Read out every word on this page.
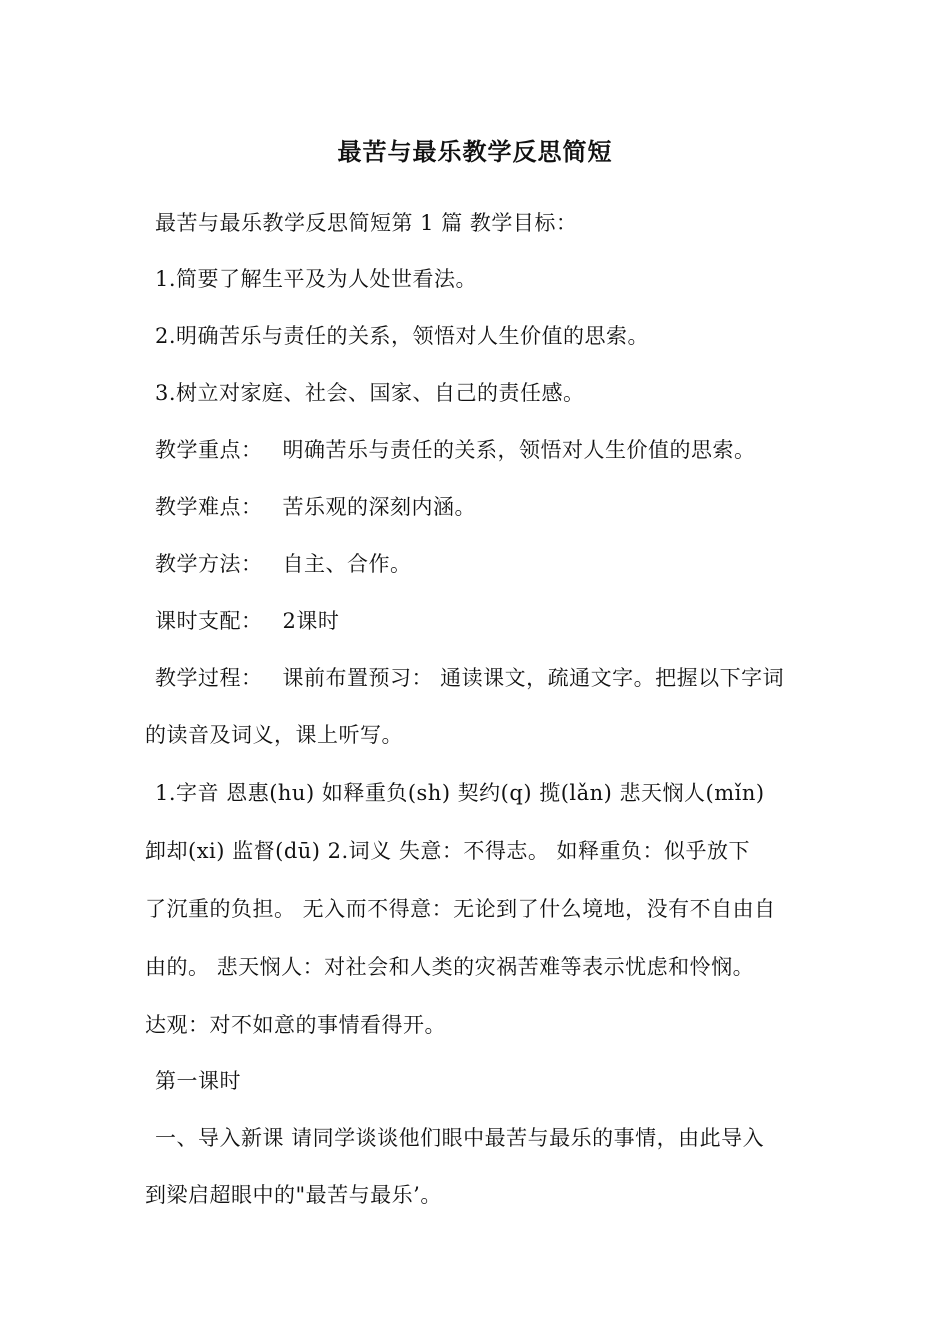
最苦与最乐教学反思简短
最苦与最乐教学反思简短第 1 篇 教学目标：
1.简要了解生平及为人处世看法。
2.明确苦乐与责任的关系，领悟对人生价值的思索。
3.树立对家庭、社会、国家、自己的责任感。
教学重点： 明确苦乐与责任的关系，领悟对人生价值的思索。
教学难点： 苦乐观的深刻内涵。
教学方法： 自主、合作。
课时支配： 2课时
教学过程： 课前布置预习： 通读课文，疏通文字。把握以下字词
的读音及词义，课上听写。
1.字音 恩惠(hu) 如释重负(sh) 契约(q) 揽(lǎn) 悲天悯人(mǐn)
卸却(xi) 监督(dū) 2.词义 失意：不得志。 如释重负：似乎放下
了沉重的负担。 无入而不得意：无论到了什么境地，没有不自由自
由的。 悲天悯人：对社会和人类的灾祸苦难等表示忧虑和怜悯。
达观：对不如意的事情看得开。
第一课时
一、导入新课 请同学谈谈他们眼中最苦与最乐的事情，由此导入
到梁启超眼中的"最苦与最乐’。
